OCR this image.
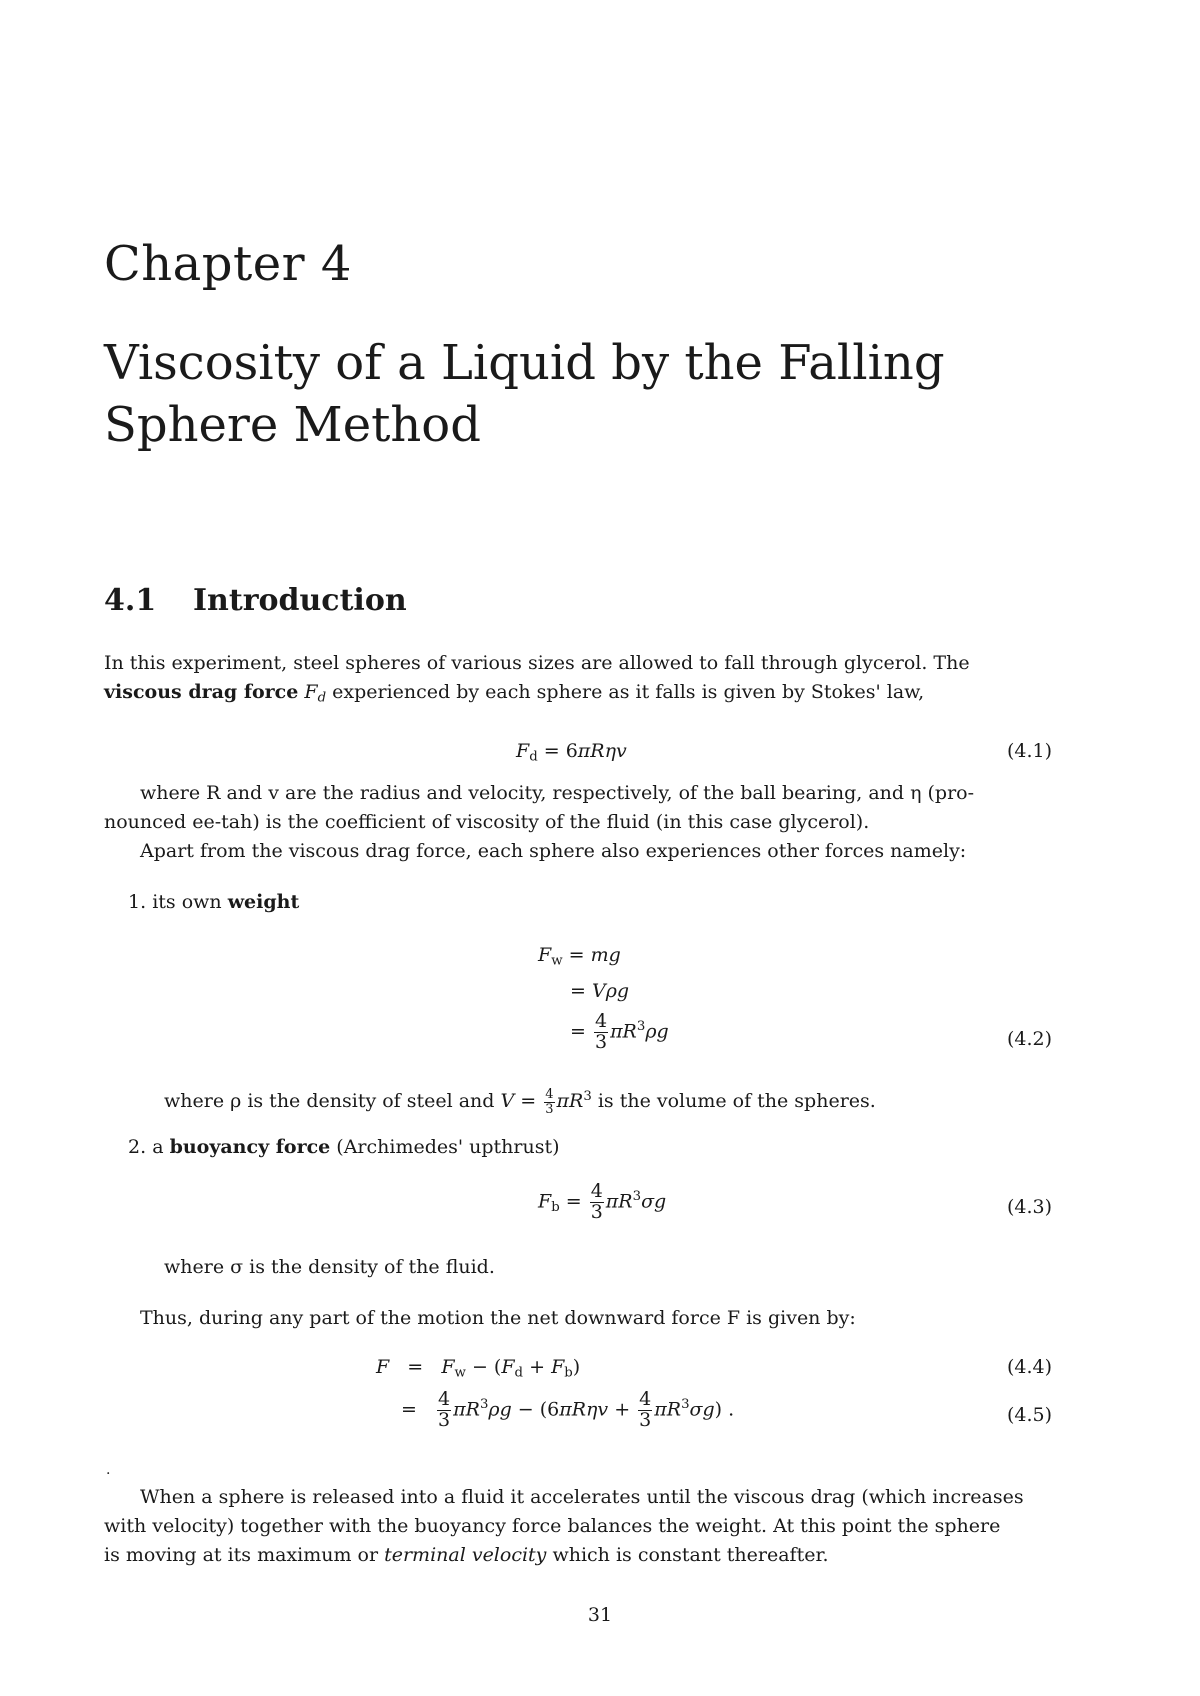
Chapter 4
Viscosity of a Liquid by the Falling
Sphere Method
4.1 Introduction
In this experiment, steel spheres of various sizes are allowed to fall through glycerol. The
viscous drag force $F_d$ experienced by each sphere as it falls is given by Stokes' law,
$F_d = 6\pi R\eta v$	(4.1)
where R and v are the radius and velocity, respectively, of the ball bearing, and η (pro-
nounced ee-tah) is the coefficient of viscosity of the fluid (in this case glycerol).
Apart from the viscous drag force, each sphere also experiences other forces namely:
1. its own weight
$F_w$ = mg
= Vρg
= $\frac{4}{3} \pi R^3\rho g$	(4.2)
where ρ is the density of steel and $V = \frac{4}{3} \pi R^3$ is the volume of the spheres.
2. a buoyancy force (Archimedes' upthrust)
$F_b = \frac{4}{3} \pi R^3\sigma g$	(4.3)
where σ is the density of the fluid.
Thus, during any part of the motion the net downward force F is given by:
$F = F_w - (F_d + F_b)$	(4.4)
= $\frac{4}{3} \pi R^3\rho g - (6\pi R\eta v + \frac{4}{3} \pi R^3\sigma g)$ .	(4.5)
.
When a sphere is released into a fluid it accelerates until the viscous drag (which increases
with velocity) together with the buoyancy force balances the weight. At this point the sphere
is moving at its maximum or terminal velocity which is constant thereafter.
31
